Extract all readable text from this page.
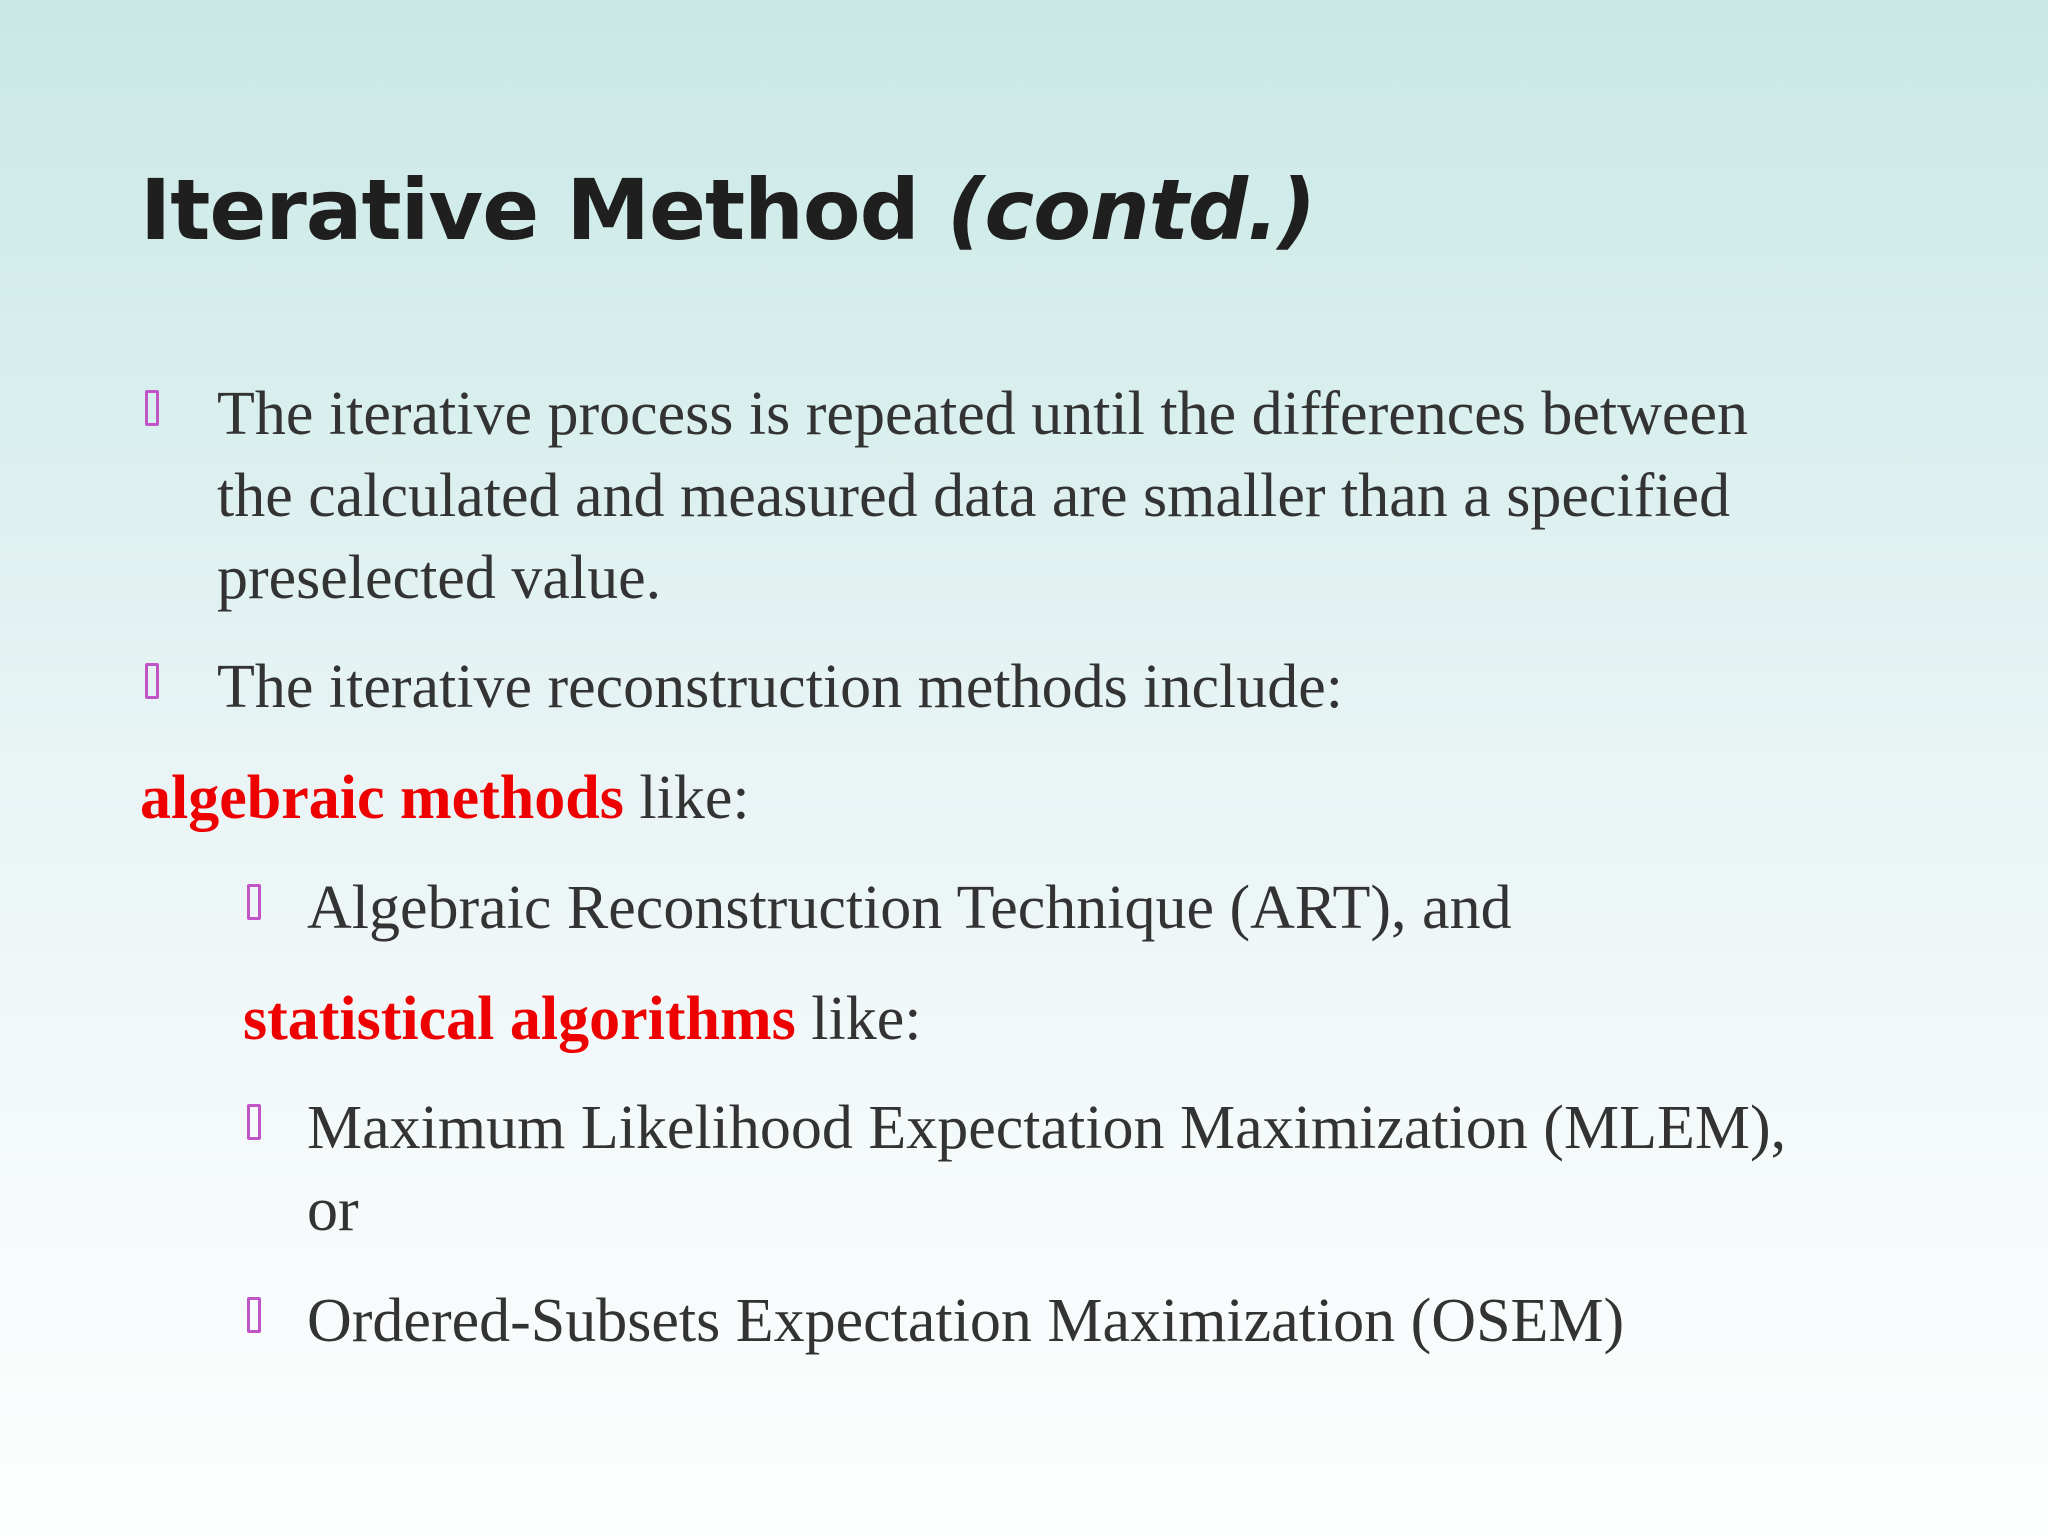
Iterative Method (contd.)
The iterative process is repeated until the differences between
the calculated and measured data are smaller than a specified
preselected value.
The iterative reconstruction methods include:
algebraic methods like:
Algebraic Reconstruction Technique (ART), and
statistical algorithms like:
Maximum Likelihood Expectation Maximization (MLEM),
or
Ordered-Subsets Expectation Maximization (OSEM)
